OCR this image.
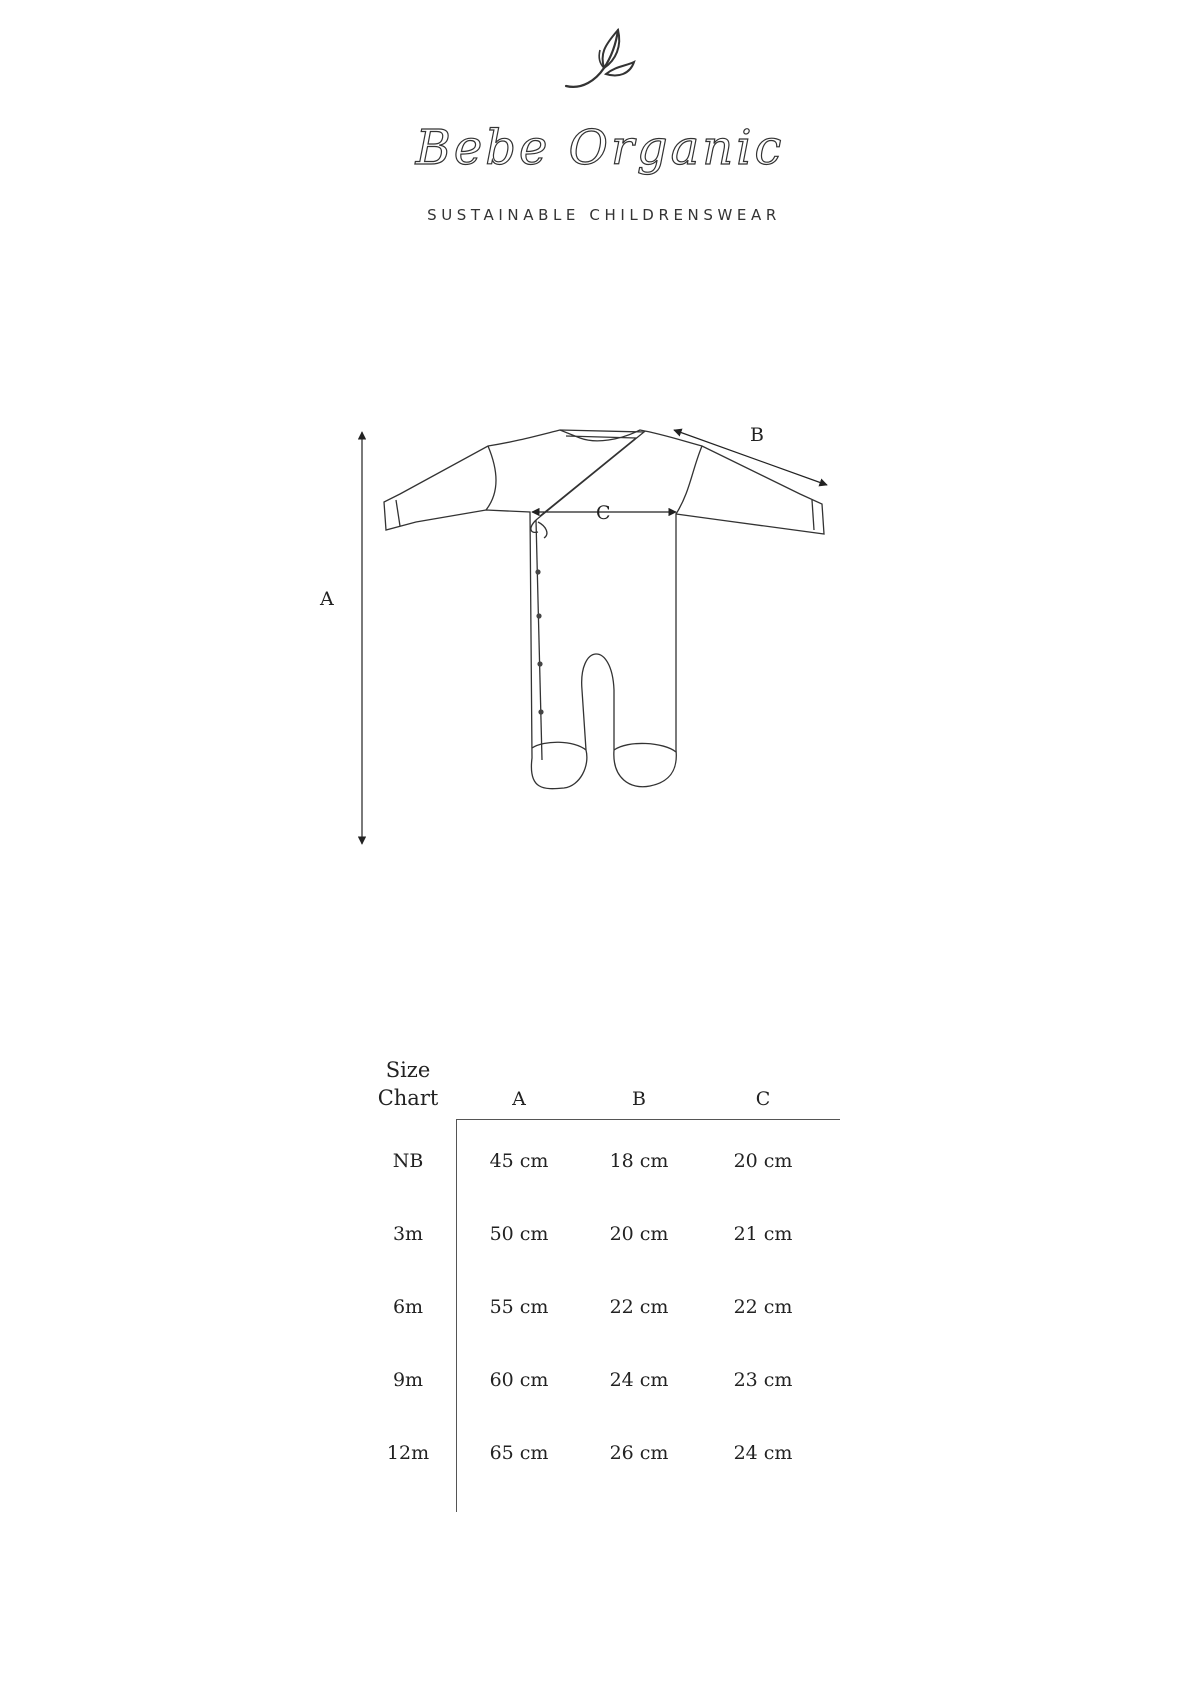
Bebe Organic
SUSTAINABLE CHILDRENSWEAR
A
B
C
Size
Chart	A	B	C
NB	45 cm	18 cm	20 cm
3m	50 cm	20 cm	21 cm
6m	55 cm	22 cm	22 cm
9m	60 cm	24 cm	23 cm
12m	65 cm	26 cm	24 cm
